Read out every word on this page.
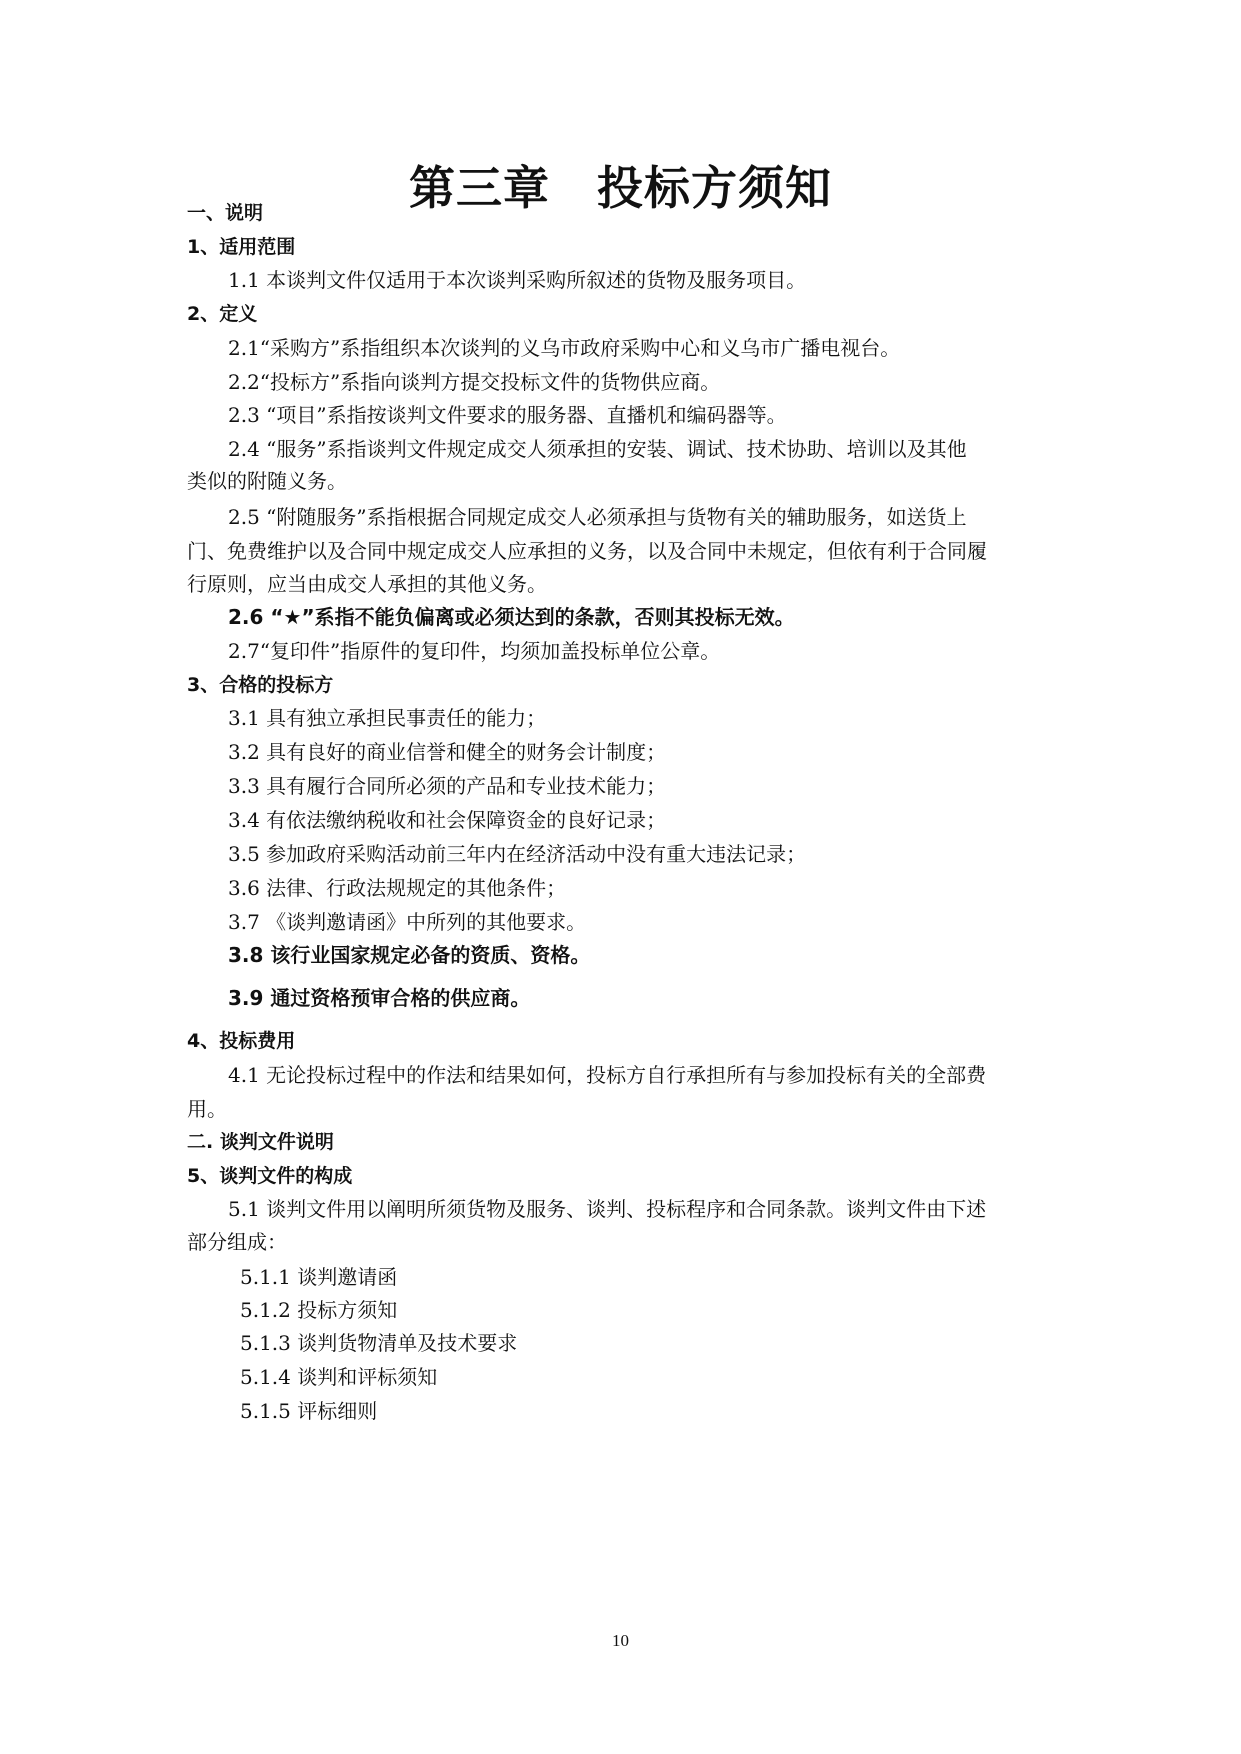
第三章　投标方须知
一、说明
1、适用范围
1.1 本谈判文件仅适用于本次谈判采购所叙述的货物及服务项目。
2、定义
2.1“采购方”系指组织本次谈判的义乌市政府采购中心和义乌市广播电视台。
2.2“投标方”系指向谈判方提交投标文件的货物供应商。
2.3 “项目”系指按谈判文件要求的服务器、直播机和编码器等。
2.4 “服务”系指谈判文件规定成交人须承担的安装、调试、技术协助、培训以及其他
类似的附随义务。
2.5 “附随服务”系指根据合同规定成交人必须承担与货物有关的辅助服务，如送货上
门、免费维护以及合同中规定成交人应承担的义务，以及合同中未规定，但依有利于合同履
行原则，应当由成交人承担的其他义务。
2.6 “★”系指不能负偏离或必须达到的条款，否则其投标无效。
2.7“复印件”指原件的复印件，均须加盖投标单位公章。
3、合格的投标方
3.1 具有独立承担民事责任的能力；
3.2 具有良好的商业信誉和健全的财务会计制度；
3.3 具有履行合同所必须的产品和专业技术能力；
3.4 有依法缴纳税收和社会保障资金的良好记录；
3.5 参加政府采购活动前三年内在经济活动中没有重大违法记录；
3.6 法律、行政法规规定的其他条件；
3.7 《谈判邀请函》中所列的其他要求。
3.8 该行业国家规定必备的资质、资格。
3.9 通过资格预审合格的供应商。
4、投标费用
4.1 无论投标过程中的作法和结果如何，投标方自行承担所有与参加投标有关的全部费
用。
二. 谈判文件说明
5、谈判文件的构成
5.1 谈判文件用以阐明所须货物及服务、谈判、投标程序和合同条款。谈判文件由下述
部分组成：
5.1.1 谈判邀请函
5.1.2 投标方须知
5.1.3 谈判货物清单及技术要求
5.1.4 谈判和评标须知
5.1.5 评标细则
10
